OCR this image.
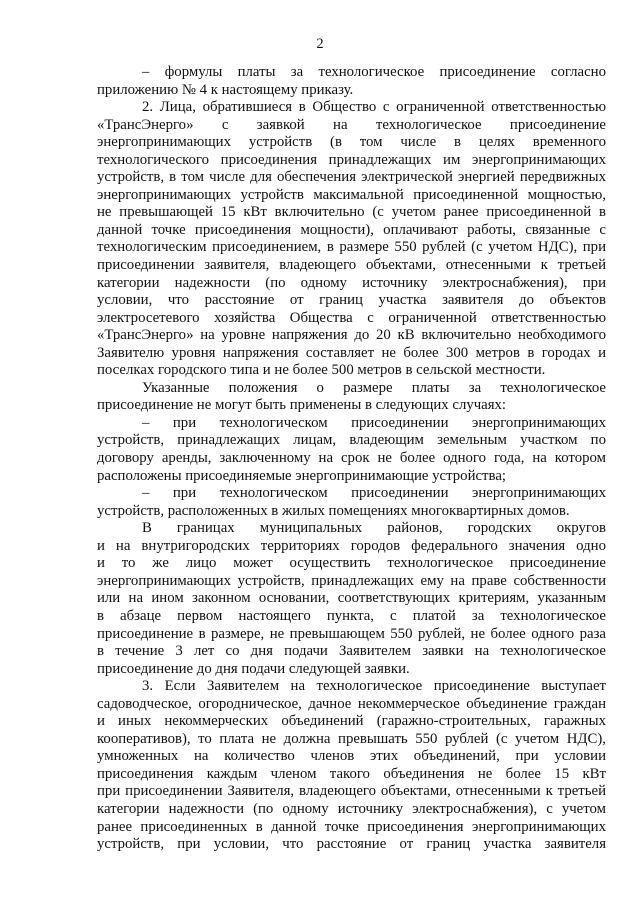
2
– формулы платы за технологическое присоединение согласно
приложению № 4 к настоящему приказу.
2. Лица, обратившиеся в Общество с ограниченной ответственностью
«ТрансЭнерго» с заявкой на технологическое присоединение
энергопринимающих устройств (в том числе в целях временного
технологического присоединения принадлежащих им энергопринимающих
устройств, в том числе для обеспечения электрической энергией передвижных
энергопринимающих устройств максимальной присоединенной мощностью,
не превышающей 15 кВт включительно (с учетом ранее присоединенной в
данной точке присоединения мощности), оплачивают работы, связанные с
технологическим присоединением, в размере 550 рублей (с учетом НДС), при
присоединении заявителя, владеющего объектами, отнесенными к третьей
категории надежности (по одному источнику электроснабжения), при
условии, что расстояние от границ участка заявителя до объектов
электросетевого хозяйства Общества с ограниченной ответственностью
«ТрансЭнерго» на уровне напряжения до 20 кВ включительно необходимого
Заявителю уровня напряжения составляет не более 300 метров в городах и
поселках городского типа и не более 500 метров в сельской местности.
Указанные положения о размере платы за технологическое
присоединение не могут быть применены в следующих случаях:
– при технологическом присоединении энергопринимающих
устройств, принадлежащих лицам, владеющим земельным участком по
договору аренды, заключенному на срок не более одного года, на котором
расположены присоединяемые энергопринимающие устройства;
– при технологическом присоединении энергопринимающих
устройств, расположенных в жилых помещениях многоквартирных домов.
В границах муниципальных районов, городских округов
и на внутригородских территориях городов федерального значения одно
и то же лицо может осуществить технологическое присоединение
энергопринимающих устройств, принадлежащих ему на праве собственности
или на ином законном основании, соответствующих критериям, указанным
в абзаце первом настоящего пункта, с платой за технологическое
присоединение в размере, не превышающем 550 рублей, не более одного раза
в течение 3 лет со дня подачи Заявителем заявки на технологическое
присоединение до дня подачи следующей заявки.
3. Если Заявителем на технологическое присоединение выступает
садоводческое, огородническое, дачное некоммерческое объединение граждан
и иных некоммерческих объединений (гаражно-строительных, гаражных
кооперативов), то плата не должна превышать 550 рублей (с учетом НДС),
умноженных на количество членов этих объединений, при условии
присоединения каждым членом такого объединения не более 15 кВт
при присоединении Заявителя, владеющего объектами, отнесенными к третьей
категории надежности (по одному источнику электроснабжения), с учетом
ранее присоединенных в данной точке присоединения энергопринимающих
устройств, при условии, что расстояние от границ участка заявителя
